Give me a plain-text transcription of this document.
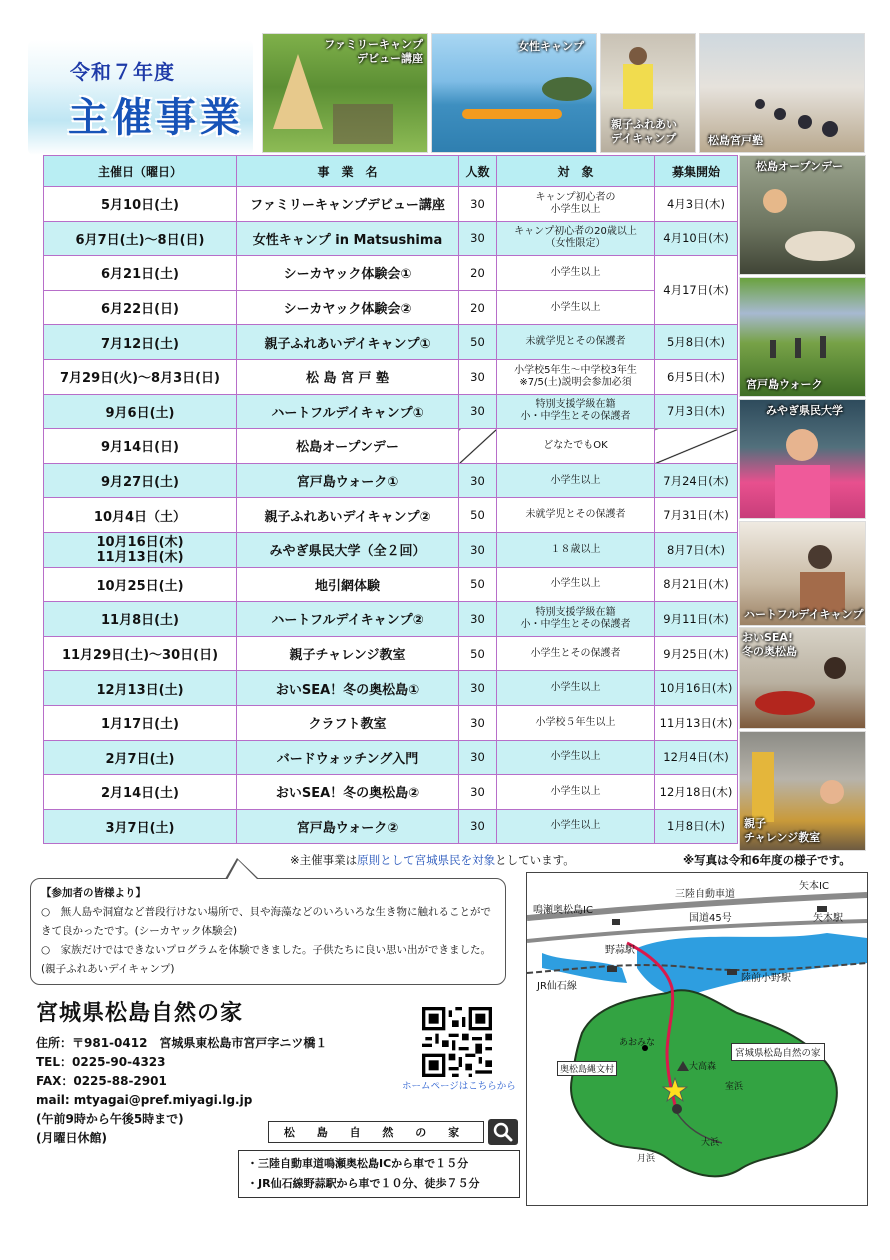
令和７年度
主催事業
ファミリーキャンプ
デビュー講座
女性キャンプ
親子ふれあい
デイキャンプ	松島宮戸塾
松島オープンデー
宮戸島ウォーク
みやぎ県民大学
ハートフルデイキャンプ
おいSEA!
冬の奥松島
親子
チャレンジ教室
主催日（曜日）	事　業　名	人数	対　象	募集開始
5月10日(土)	ファミリーキャンプデビュー講座	30	キャンプ初心者の
小学生以上	4月3日(木)
6月7日(土)～8日(日)	女性キャンプ in Matsushima	30	キャンプ初心者の20歳以上
（女性限定）	4月10日(木)
6月21日(土)	シーカヤック体験会①	20	小学生以上	4月17日(木)
6月22日(日)	シーカヤック体験会②	20	小学生以上	
7月12日(土)	親子ふれあいデイキャンプ①	50	未就学児とその保護者	5月8日(木)
7月29日(火)～8月3日(日)	松 島 宮 戸 塾	30	小学校5年生～中学校3年生
※7/5(土)説明会参加必須	6月5日(木)
9月6日(土)	ハートフルデイキャンプ①	30	特別支援学級在籍
小・中学生とその保護者	7月3日(木)
9月14日(日)	松島オープンデー		どなたでもOK	
9月27日(土)	宮戸島ウォーク①	30	小学生以上	7月24日(木)
10月4日（土）	親子ふれあいデイキャンプ②	50	未就学児とその保護者	7月31日(木)
10月16日(木)
11月13日(木)	みやぎ県民大学（全２回）	30	１８歳以上	8月7日(木)
10月25日(土)	地引網体験	50	小学生以上	8月21日(木)
11月8日(土)	ハートフルデイキャンプ②	30	特別支援学級在籍
小・中学生とその保護者	9月11日(木)
11月29日(土)～30日(日)	親子チャレンジ教室	50	小学生とその保護者	9月25日(木)
12月13日(土)	おいSEA！冬の奥松島①	30	小学生以上	10月16日(木)
1月17日(土)	クラフト教室	30	小学校５年生以上	11月13日(木)
2月7日(土)	バードウォッチング入門	30	小学生以上	12月4日(木)
2月14日(土)	おいSEA！冬の奥松島②	30	小学生以上	12月18日(木)
3月7日(土)	宮戸島ウォーク②	30	小学生以上	1月8日(木)
※主催事業は原則として宮城県民を対象としています。	※写真は令和6年度の様子です。
【参加者の皆様より】
○　無人島や洞窟など普段行けない場所で、貝や海藻などのいろいろな生き物に触れることができて良かったです。(シーカヤック体験会)
○　家族だけではできないプログラムを体験できました。子供たちに良い思い出ができました。(親子ふれあいデイキャンプ)
宮城県松島自然の家
住所：〒981-0412　宮城県東松島市宮戸字ニツ橋１
TEL：0225-90-4323
FAX：0225-88-2901
mail: mtyagai@pref.miyagi.lg.jp
(午前9時から午後5時まで)
(月曜日休館)
ホームページはこちらから
松 島 自 然 の 家
・三陸自動車道鳴瀬奥松島ICから車で１５分
・JR仙石線野蒜駅から車で１０分、徒歩７５分
三陸自動車道
矢本IC
鳴瀬奥松島IC
国道45号	矢本駅
野蒜駅
陸前小野駅
JR仙石線
あおみな
奥松島縄文村	大高森
宮城県松島自然の家
室浜
大浜
月浜
